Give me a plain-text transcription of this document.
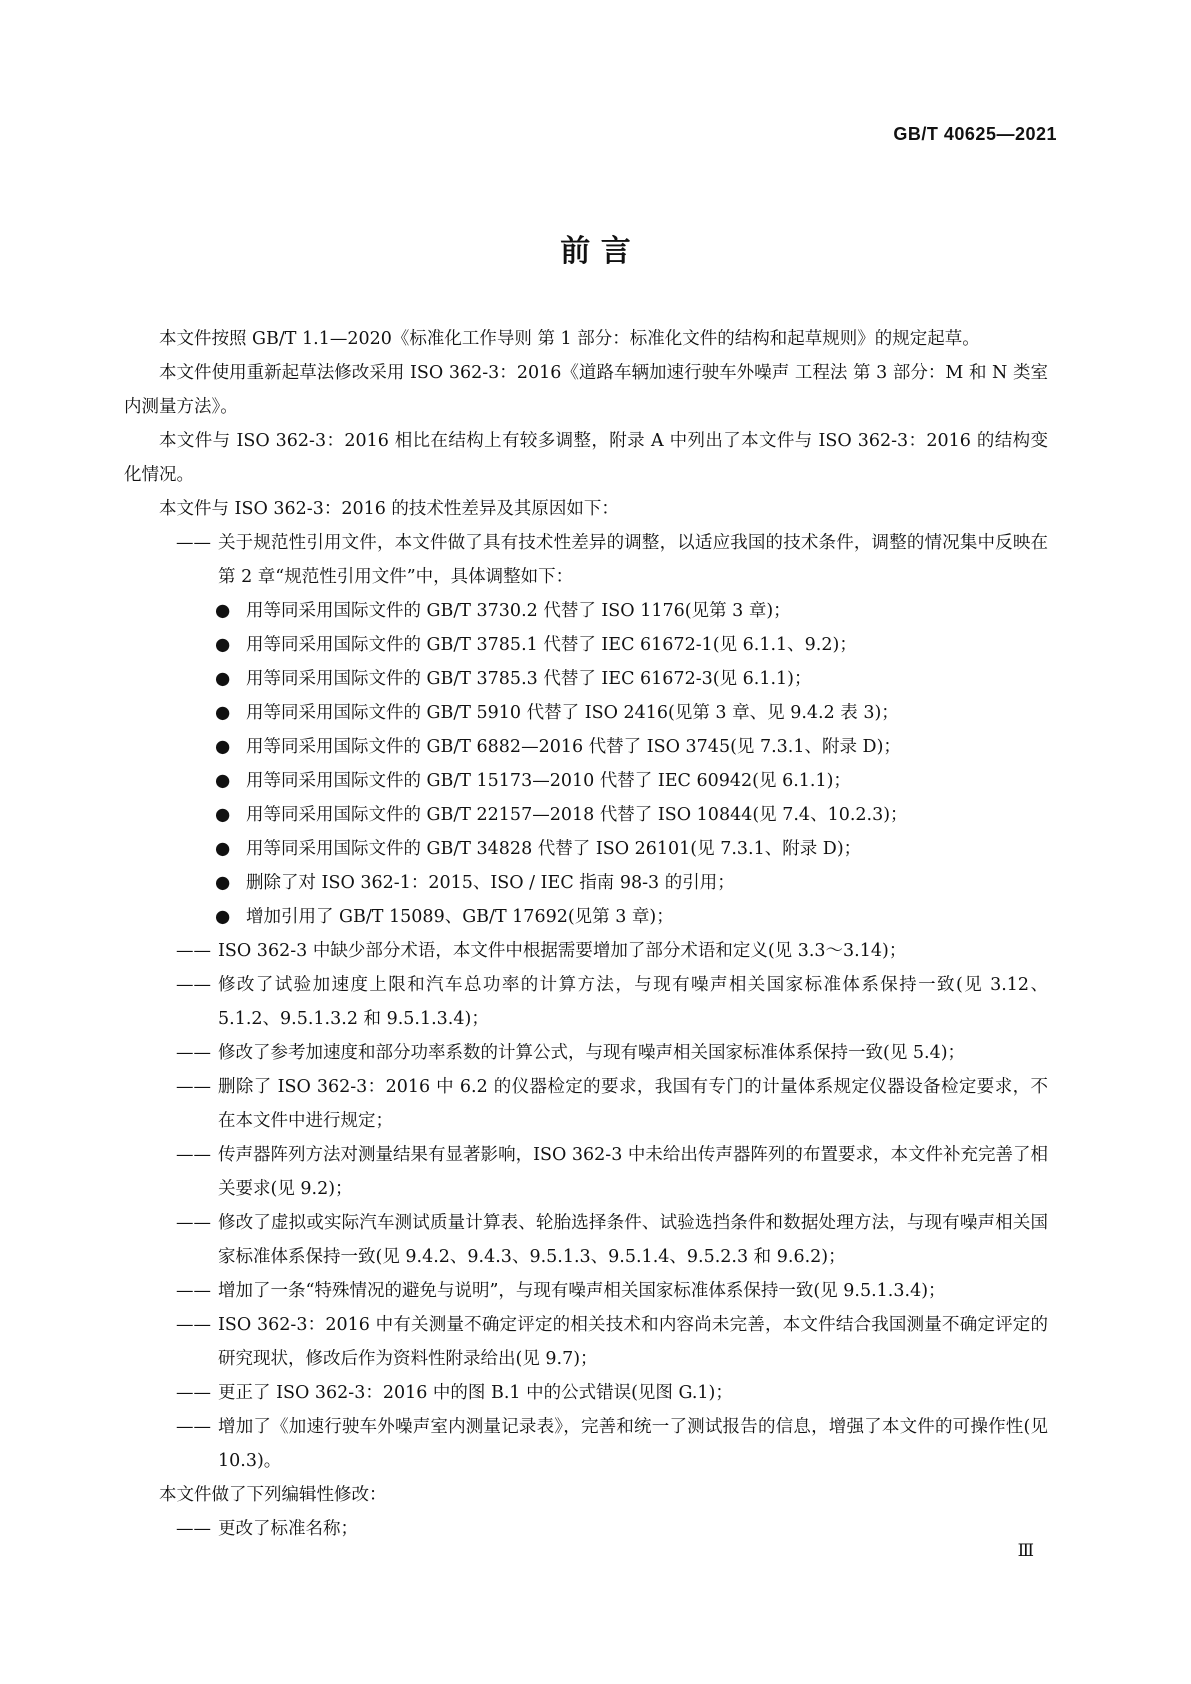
GB/T 40625—2021
前 言
本文件按照 GB/T 1.1—2020《标准化工作导则 第 1 部分：标准化文件的结构和起草规则》的规定起草。
本文件使用重新起草法修改采用 ISO 362-3：2016《道路车辆加速行驶车外噪声 工程法 第 3 部分：M 和 N 类室内测量方法》。
本文件与 ISO 362-3：2016 相比在结构上有较多调整，附录 A 中列出了本文件与 ISO 362-3：2016 的结构变化情况。
本文件与 ISO 362-3：2016 的技术性差异及其原因如下：
—— 关于规范性引用文件，本文件做了具有技术性差异的调整，以适应我国的技术条件，调整的情况集中反映在第 2 章“规范性引用文件”中，具体调整如下：
● 用等同采用国际文件的 GB/T 3730.2 代替了 ISO 1176(见第 3 章)；
● 用等同采用国际文件的 GB/T 3785.1 代替了 IEC 61672-1(见 6.1.1、9.2)；
● 用等同采用国际文件的 GB/T 3785.3 代替了 IEC 61672-3(见 6.1.1)；
● 用等同采用国际文件的 GB/T 5910 代替了 ISO 2416(见第 3 章、见 9.4.2 表 3)；
● 用等同采用国际文件的 GB/T 6882—2016 代替了 ISO 3745(见 7.3.1、附录 D)；
● 用等同采用国际文件的 GB/T 15173—2010 代替了 IEC 60942(见 6.1.1)；
● 用等同采用国际文件的 GB/T 22157—2018 代替了 ISO 10844(见 7.4、10.2.3)；
● 用等同采用国际文件的 GB/T 34828 代替了 ISO 26101(见 7.3.1、附录 D)；
● 删除了对 ISO 362-1：2015、ISO / IEC 指南 98-3 的引用；
● 增加引用了 GB/T 15089、GB/T 17692(见第 3 章)；
—— ISO 362-3 中缺少部分术语，本文件中根据需要增加了部分术语和定义(见 3.3～3.14)；
—— 修改了试验加速度上限和汽车总功率的计算方法，与现有噪声相关国家标准体系保持一致(见 3.12、5.1.2、9.5.1.3.2 和 9.5.1.3.4)；
—— 修改了参考加速度和部分功率系数的计算公式，与现有噪声相关国家标准体系保持一致(见 5.4)；
—— 删除了 ISO 362-3：2016 中 6.2 的仪器检定的要求，我国有专门的计量体系规定仪器设备检定要求，不在本文件中进行规定；
—— 传声器阵列方法对测量结果有显著影响，ISO 362-3 中未给出传声器阵列的布置要求，本文件补充完善了相关要求(见 9.2)；
—— 修改了虚拟或实际汽车测试质量计算表、轮胎选择条件、试验选挡条件和数据处理方法，与现有噪声相关国家标准体系保持一致(见 9.4.2、9.4.3、9.5.1.3、9.5.1.4、9.5.2.3 和 9.6.2)；
—— 增加了一条“特殊情况的避免与说明”，与现有噪声相关国家标准体系保持一致(见 9.5.1.3.4)；
—— ISO 362-3：2016 中有关测量不确定评定的相关技术和内容尚未完善，本文件结合我国测量不确定评定的研究现状，修改后作为资料性附录给出(见 9.7)；
—— 更正了 ISO 362-3：2016 中的图 B.1 中的公式错误(见图 G.1)；
—— 增加了《加速行驶车外噪声室内测量记录表》，完善和统一了测试报告的信息，增强了本文件的可操作性(见 10.3)。
本文件做了下列编辑性修改：
—— 更改了标准名称；
Ⅲ
